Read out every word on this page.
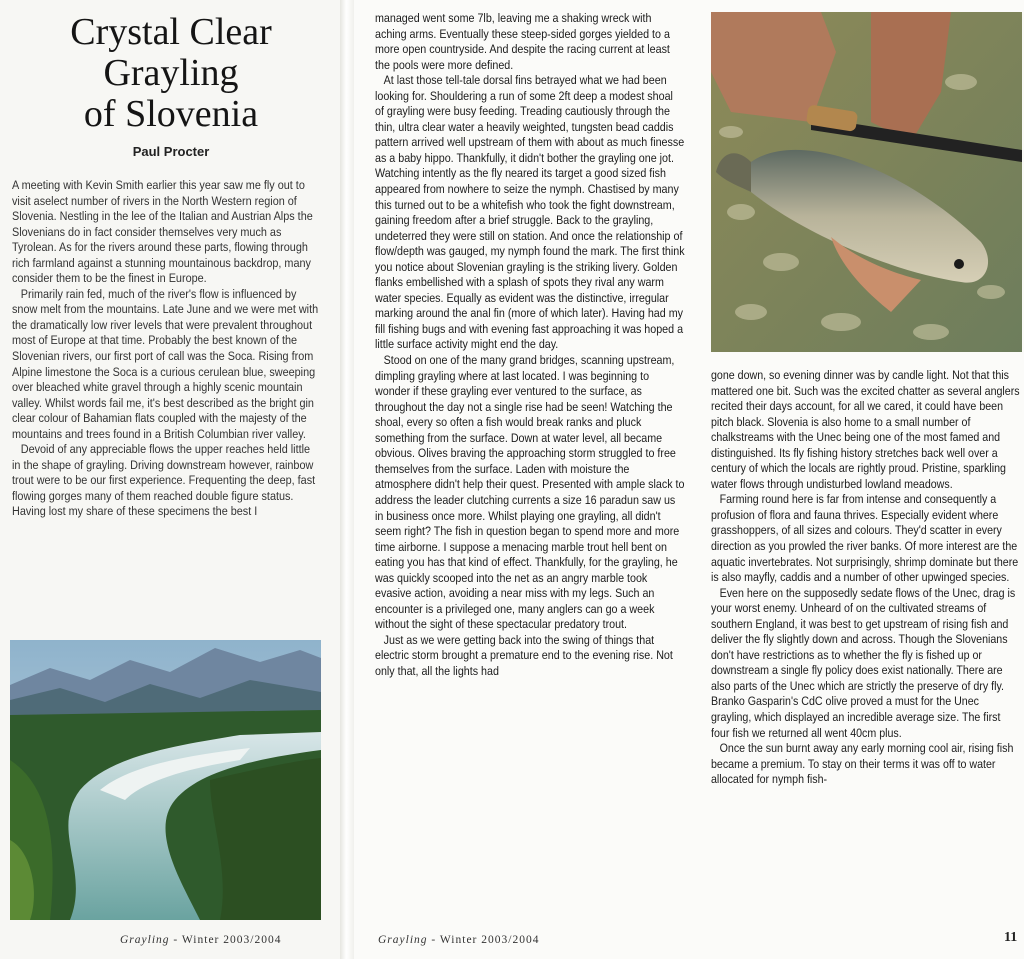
Crystal Clear
Grayling
of Slovenia
Paul Procter

A meeting with Kevin Smith earlier this year saw me fly out to visit aselect number of rivers in the North Western region of Slovenia. Nestling in the lee of the Italian and Austrian Alps the Slovenians do in fact consider themselves very much as Tyrolean. As for the rivers around these parts, flowing through rich farmland against a stunning mountainous backdrop, many consider them to be the finest in Europe.

Primarily rain fed, much of the river's flow is influenced by snow melt from the mountains. Late June and we were met with the dramatically low river levels that were prevalent throughout most of Europe at that time. Probably the best known of the Slovenian rivers, our first port of call was the Soca. Rising from Alpine limestone the Soca is a curious cerulean blue, sweeping over bleached white gravel through a highly scenic mountain valley. Whilst words fail me, it's best described as the bright gin clear colour of Bahamian flats coupled with the majesty of the mountains and trees found in a British Columbian river valley.

Devoid of any appreciable flows the upper reaches held little in the shape of grayling. Driving downstream however, rainbow trout were to be our first experience. Frequenting the deep, fast flowing gorges many of them reached double figure status. Having lost my share of these specimens the best I

managed went some 7lb, leaving me a shaking wreck with aching arms. Eventually these steep-sided gorges yielded to a more open countryside. And despite the racing current at least the pools were more defined.

At last those tell-tale dorsal fins betrayed what we had been looking for. Shouldering a run of some 2ft deep a modest shoal of grayling were busy feeding. Treading cautiously through the thin, ultra clear water a heavily weighted, tungsten bead caddis pattern arrived well upstream of them with about as much finesse as a baby hippo. Thankfully, it didn't bother the grayling one jot. Watching intently as the fly neared its target a good sized fish appeared from nowhere to seize the nymph. Chastised by many this turned out to be a whitefish who took the fight downstream, gaining freedom after a brief struggle. Back to the grayling, undeterred they were still on station. And once the relationship of flow/depth was gauged, my nymph found the mark. The first think you notice about Slovenian grayling is the striking livery. Golden flanks embellished with a splash of spots they rival any warm water species. Equally as evident was the distinctive, irregular marking around the anal fin (more of which later). Having had my fill fishing bugs and with evening fast approaching it was hoped a little surface activity might end the day.

Stood on one of the many grand bridges, scanning upstream, dimpling grayling where at last located. I was beginning to wonder if these grayling ever ventured to the surface, as throughout the day not a single rise had be seen! Watching the shoal, every so often a fish would break ranks and pluck something from the surface. Down at water level, all became obvious. Olives braving the approaching storm struggled to free themselves from the surface. Laden with moisture the atmosphere didn't help their quest. Presented with ample slack to address the leader clutching currents a size 16 paradun saw us in business once more. Whilst playing one grayling, all didn't seem right? The fish in question began to spend more and more time airborne. I suppose a menacing marble trout hell bent on eating you has that kind of effect. Thankfully, for the grayling, he was quickly scooped into the net as an angry marble took evasive action, avoiding a near miss with my legs. Such an encounter is a privileged one, many anglers can go a week without the sight of these spectacular predatory trout.

Just as we were getting back into the swing of things that electric storm brought a premature end to the evening rise. Not only that, all the lights had

gone down, so evening dinner was by candle light. Not that this mattered one bit. Such was the excited chatter as several anglers recited their days account, for all we cared, it could have been pitch black. Slovenia is also home to a small number of chalkstreams with the Unec being one of the most famed and distinguished. Its fly fishing history stretches back well over a century of which the locals are rightly proud. Pristine, sparkling water flows through undisturbed lowland meadows.

Farming round here is far from intense and consequently a profusion of flora and fauna thrives. Especially evident where grasshoppers, of all sizes and colours. They'd scatter in every direction as you prowled the river banks. Of more interest are the aquatic invertebrates. Not surprisingly, shrimp dominate but there is also mayfly, caddis and a number of other upwinged species.

Even here on the supposedly sedate flows of the Unec, drag is your worst enemy. Unheard of on the cultivated streams of southern England, it was best to get upstream of rising fish and deliver the fly slightly down and across. Though the Slovenians don't have restrictions as to whether the fly is fished up or downstream a single fly policy does exist nationally. There are also parts of the Unec which are strictly the preserve of dry fly. Branko Gasparin's CdC olive proved a must for the Unec grayling, which displayed an incredible average size. The first four fish we returned all went 40cm plus.

Once the sun burnt away any early morning cool air, rising fish became a premium. To stay on their terms it was off to water allocated for nymph fish-

Grayling - Winter 2003/2004	Grayling - Winter 2003/2004	11
